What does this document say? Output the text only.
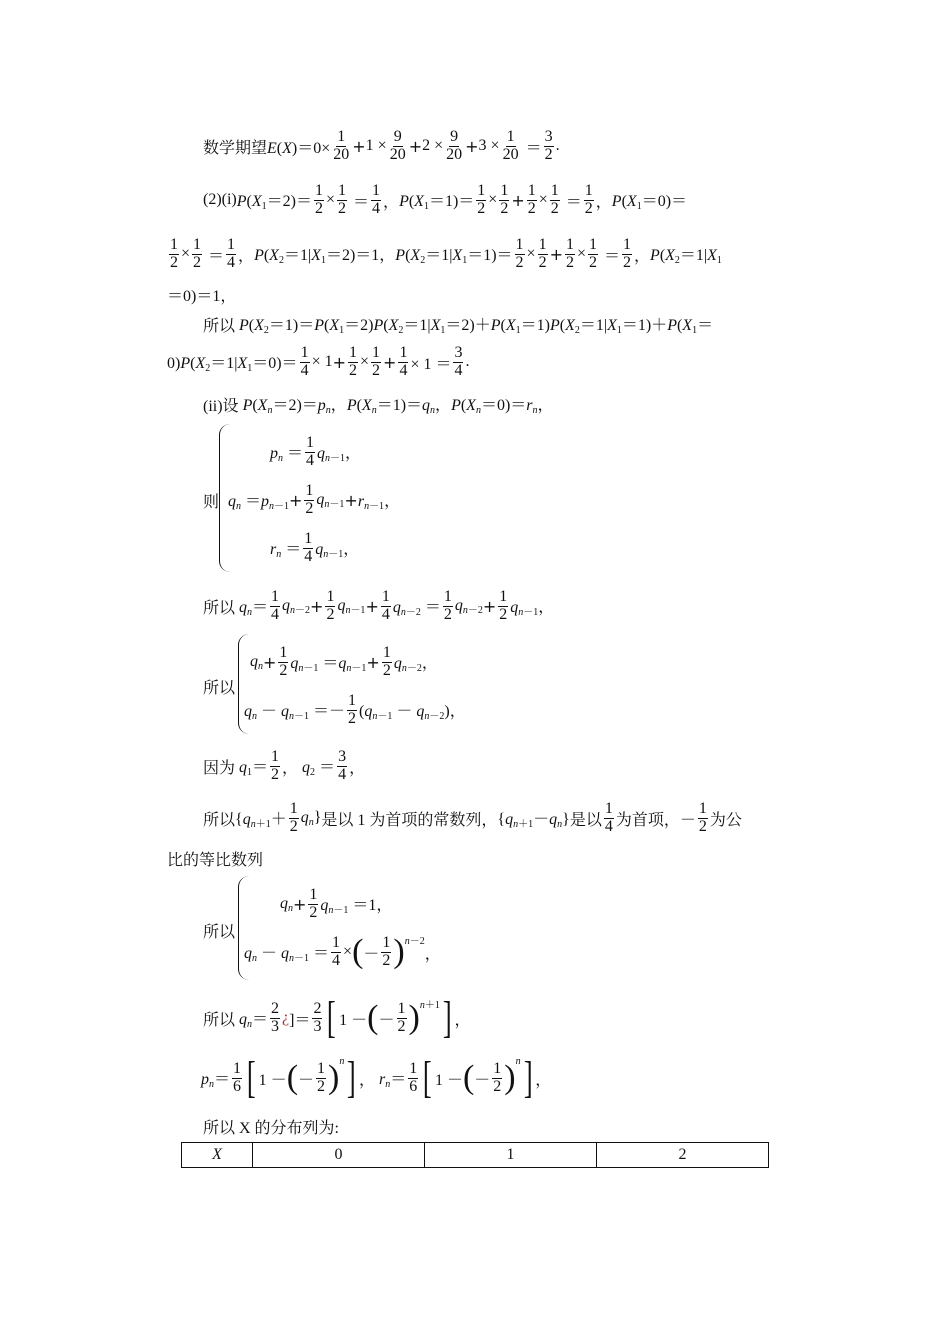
数学期望 $E(X)=0\times \frac{1}{20} + 1 \times \frac{9}{20} + 2 \times \frac{9}{20} + 3 \times \frac{1}{20} = \frac{3}{2}$ .
(2)(i) $P(X_1=2)= \frac{1}{2} \times \frac{1}{2} = \frac{1}{4}$ ， $P(X_1=1)= \frac{1}{2} \times \frac{1}{2} + \frac{1}{2} \times \frac{1}{2} = \frac{1}{2}$ ， $P(X_1=0)=$
$\frac{1}{2} \times \frac{1}{2} = \frac{1}{4}$ ， $P(X_2=1|X_1=2)=1$， $P(X_2=1|X_1=1)= \frac{1}{2} \times \frac{1}{2} + \frac{1}{2} \times \frac{1}{2} = \frac{1}{2}$ ， $P(X_2=1|X_1$
＝0)＝1，
所以 $P(X_2=1)=P(X_1=2)P(X_2=1|X_1=2)+P(X_1=1)P(X_2=1|X_1=1)+P(X_1=$
$0)P(X_2=1|X_1=0)= \frac{1}{4} \times 1 + \frac{1}{2} \times \frac{1}{2} + \frac{1}{4} \times 1 = \frac{3}{4}$ .
(ii)设 $P(X_n=2)=p_n$，$P(X_n=1)=q_n$，$P(X_n=0)=r_n$，
$p_n = \frac{1}{4} q_{n-1}$，
则 $q_n =p_{n-1} + \frac{1}{2} q_{n-1} + r_{n-1}$，
$r_n = \frac{1}{4} q_{n-1}$，
所以 $q_n= \frac{1}{4} q_{n-2} + \frac{1}{2} q_{n-1} + \frac{1}{4} q_{n-2} = \frac{1}{2} q_{n-2} + \frac{1}{2} q_{n-1}$，
所以
$q_n + \frac{1}{2} q_{n-1} =q_{n-1} + \frac{1}{2} q_{n-2}$，
$q_n - q_{n-1} =- \frac{1}{2} (q_{n-1} - q_{n-2})$，
因为 $q_1= \frac{1}{2}$ ， $q_2 = \frac{3}{4}$ ，
所以 $\{q_{n+1}+ \frac{1}{2} q_n\}$ 是以 1 为首项的常数列， $\{q_{n+1}-q_n\}$ 是以 $\frac{1}{4}$ 为首项， － $\frac{1}{2}$ 为公
比的等比数列
所以
$q_n + \frac{1}{2} q_{n-1} =1$，
$q_n - q_{n-1} = \frac{1}{4}$ × ( － $\frac{1}{2}$ ) $^{n-2}$
，
所以 $q_n= \frac{2}{3}$ ¿ ]＝ $\frac{2}{3}$ [ 1 － ( － $\frac{1}{2}$ ) $^{n+1}$ ] ，
$p_n= \frac{1}{6}$ [ 1 － ( － $\frac{1}{2}$ ) $^n$ ] ， $r_n= \frac{1}{6}$ [ 1 － ( － $\frac{1}{2}$ ) $^n$ ] ，
所以 X 的分布列为:
X	0	1	2
